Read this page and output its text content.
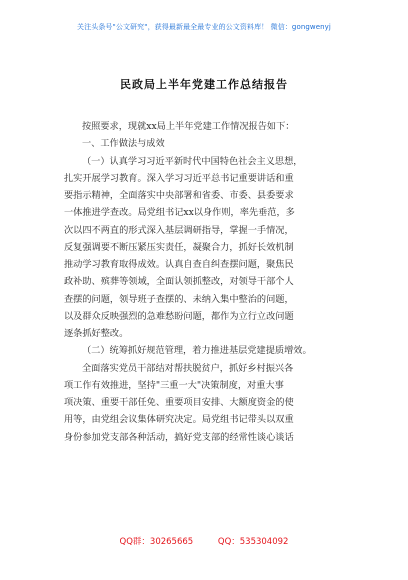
关注头条号"公文研究"，获得最新最全最专业的公文资料库！ 微信：gongwenyj
民政局上半年党建工作总结报告
按照要求，现就xx局上半年党建工作情况报告如下：
一、工作做法与成效
（一）认真学习习近平新时代中国特色社会主义思想，
扎实开展学习教育。深入学习习近平总书记重要讲话和重
要指示精神，全面落实中央部署和省委、市委、县委要求
一体推进学查改。局党组书记xx以身作则，率先垂范，多
次以四不两直的形式深入基层调研指导，掌握一手情况，
反复强调要不断压紧压实责任，凝聚合力，抓好长效机制
推动学习教育取得成效。认真自查自纠查摆问题，聚焦民
政补助、殡葬等领域，全面认领抓整改，对领导干部个人
查摆的问题，领导班子查摆的、未纳入集中整治的问题，
以及群众反映强烈的急难愁盼问题，都作为立行立改问题
逐条抓好整改。
（二）统筹抓好规范管理，着力推进基层党建提质增效。
全面落实党员干部结对帮扶脱贫户，抓好乡村振兴各
项工作有效推进，坚持"三重一大"决策制度，对重大事
项决策、重要干部任免、重要项目安排、大额度资金的使
用等，由党组会议集体研究决定。局党组书记带头以双重
身份参加党支部各种活动，搞好党支部的经常性谈心谈话
QQ群：30265665	QQ：535304092
